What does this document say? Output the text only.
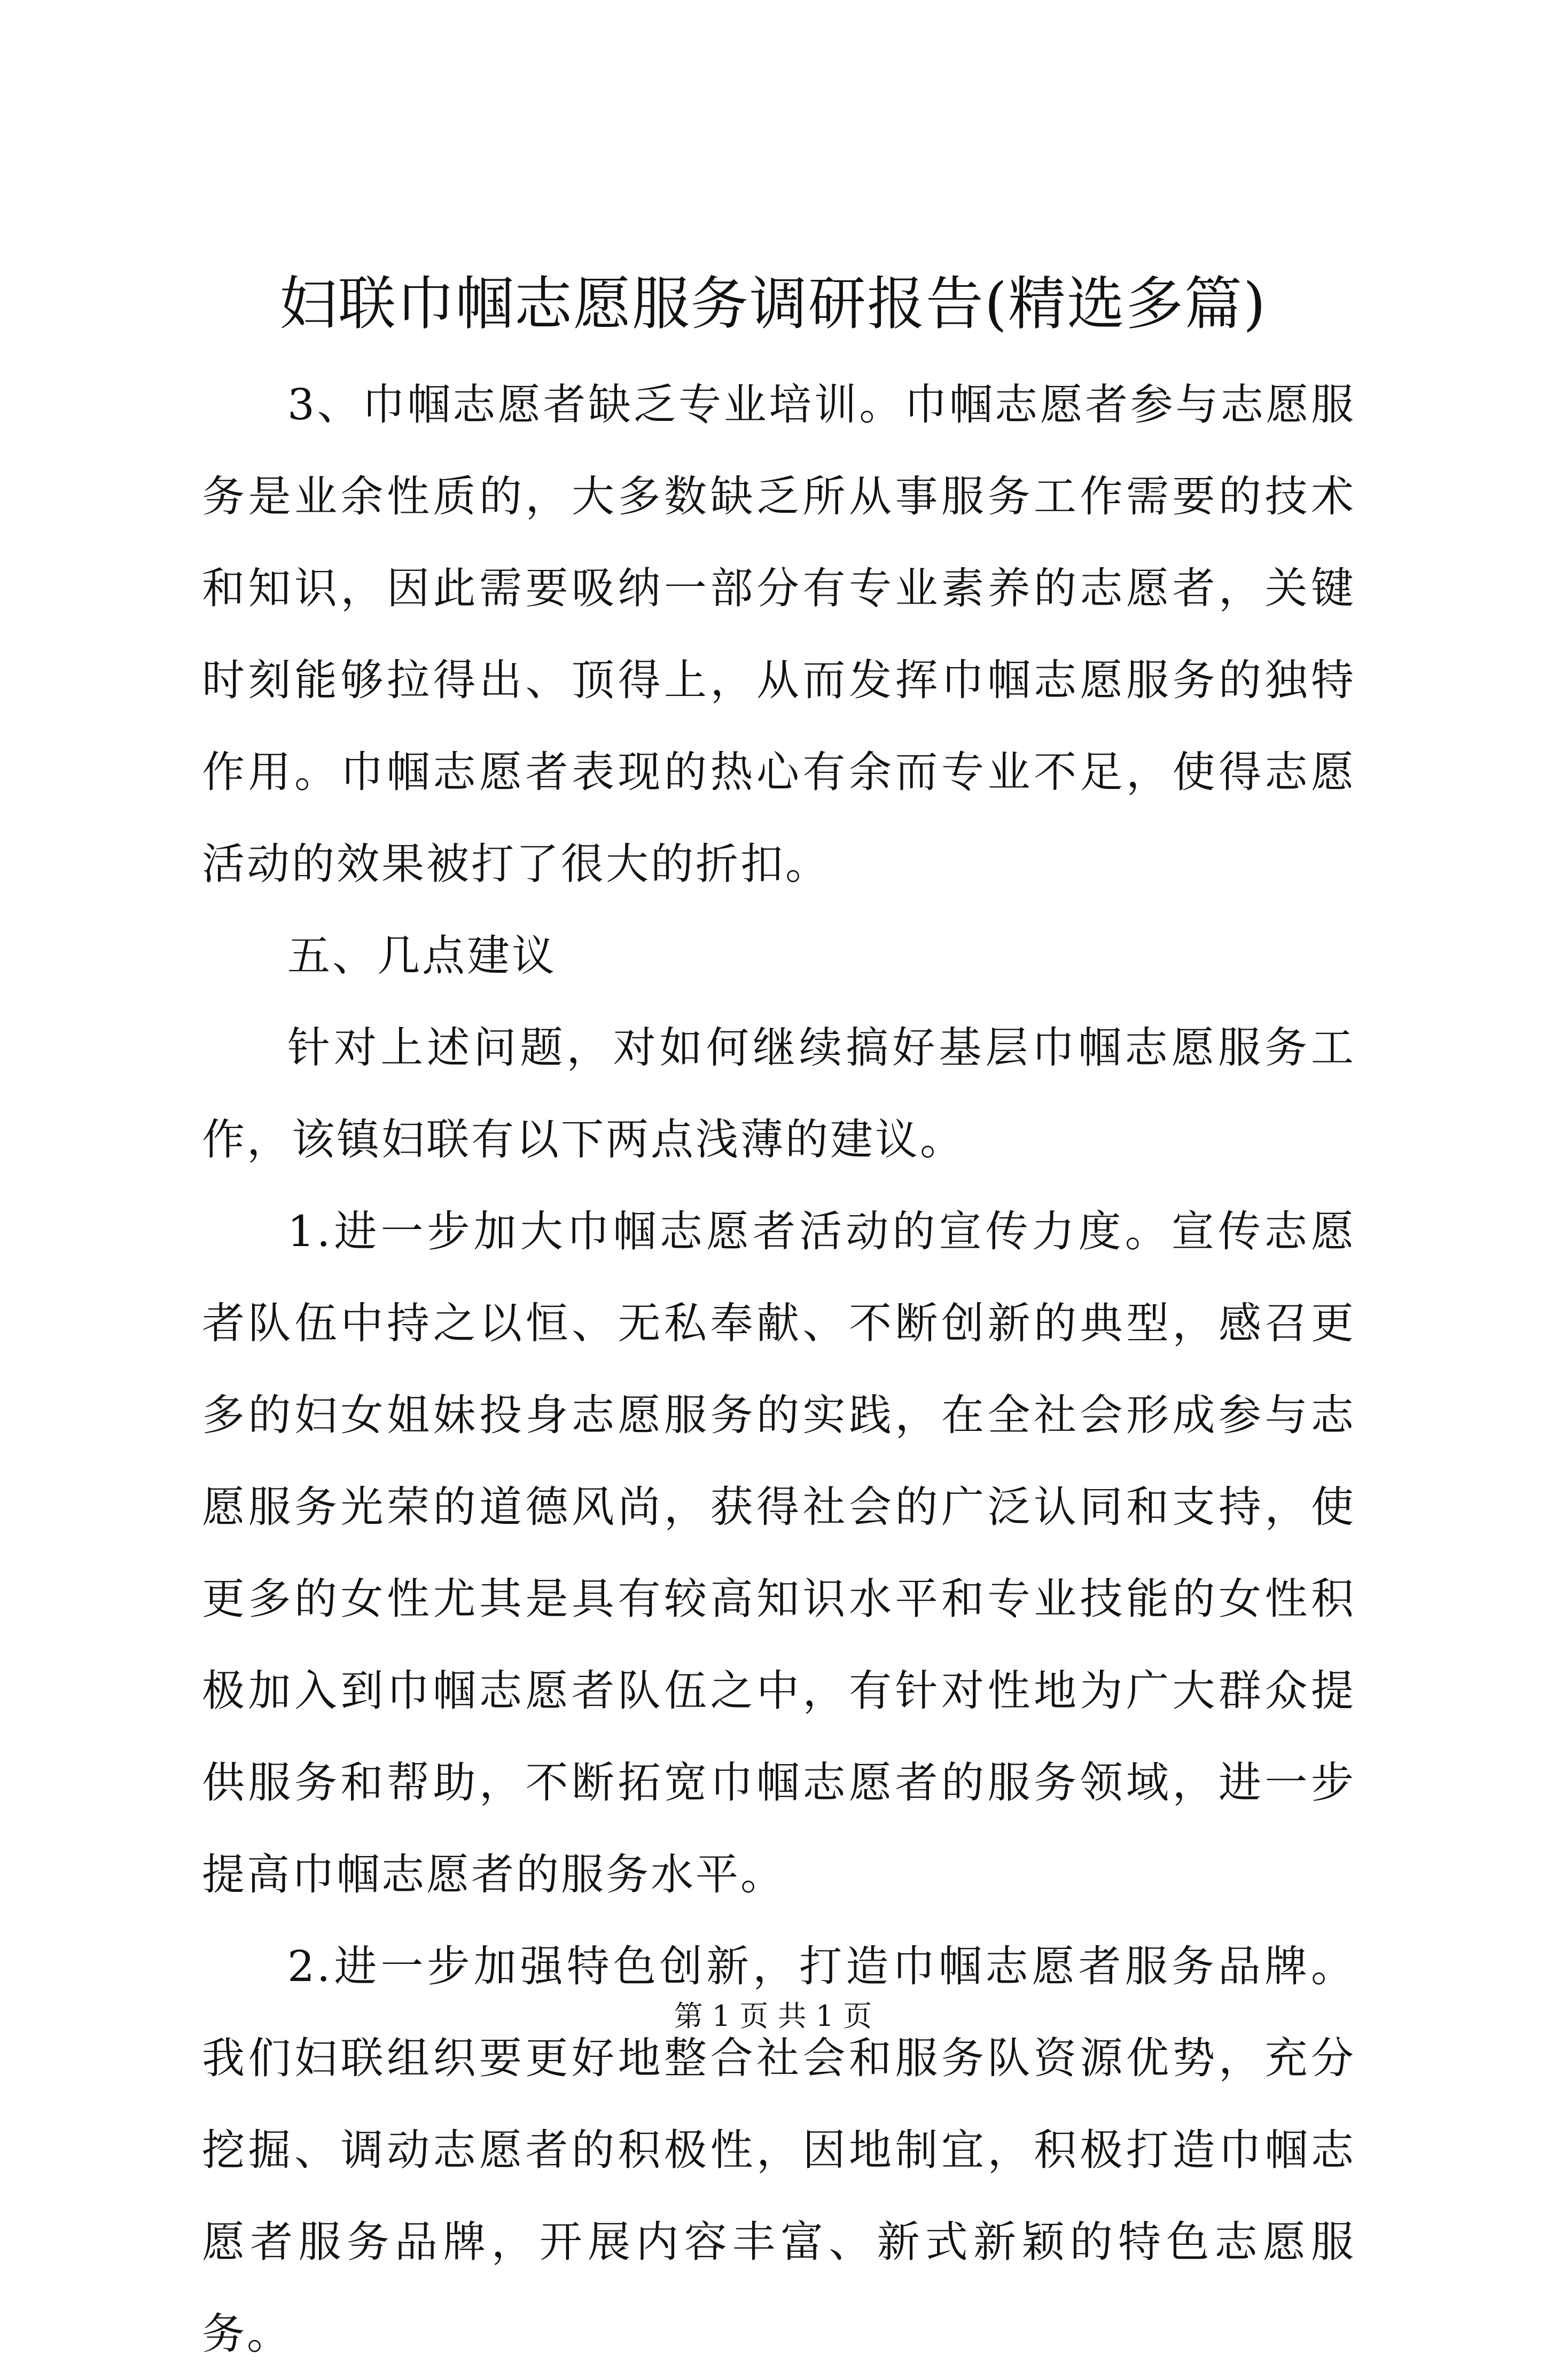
妇联巾帼志愿服务调研报告(精选多篇)

3、巾帼志愿者缺乏专业培训。巾帼志愿者参与志愿服务是业余性质的，大多数缺乏所从事服务工作需要的技术和知识，因此需要吸纳一部分有专业素养的志愿者，关键时刻能够拉得出、顶得上，从而发挥巾帼志愿服务的独特作用。巾帼志愿者表现的热心有余而专业不足，使得志愿活动的效果被打了很大的折扣。

五、几点建议

针对上述问题，对如何继续搞好基层巾帼志愿服务工作，该镇妇联有以下两点浅薄的建议。

1.进一步加大巾帼志愿者活动的宣传力度。宣传志愿者队伍中持之以恒、无私奉献、不断创新的典型，感召更多的妇女姐妹投身志愿服务的实践，在全社会形成参与志愿服务光荣的道德风尚，获得社会的广泛认同和支持，使更多的女性尤其是具有较高知识水平和专业技能的女性积极加入到巾帼志愿者队伍之中，有针对性地为广大群众提供服务和帮助，不断拓宽巾帼志愿者的服务领域，进一步提高巾帼志愿者的服务水平。

2.进一步加强特色创新，打造巾帼志愿者服务品牌。我们妇联组织要更好地整合社会和服务队资源优势，充分挖掘、调动志愿者的积极性，因地制宜，积极打造巾帼志愿者服务品牌，开展内容丰富、新式新颖的特色志愿服务。

第 1 页 共 1 页
